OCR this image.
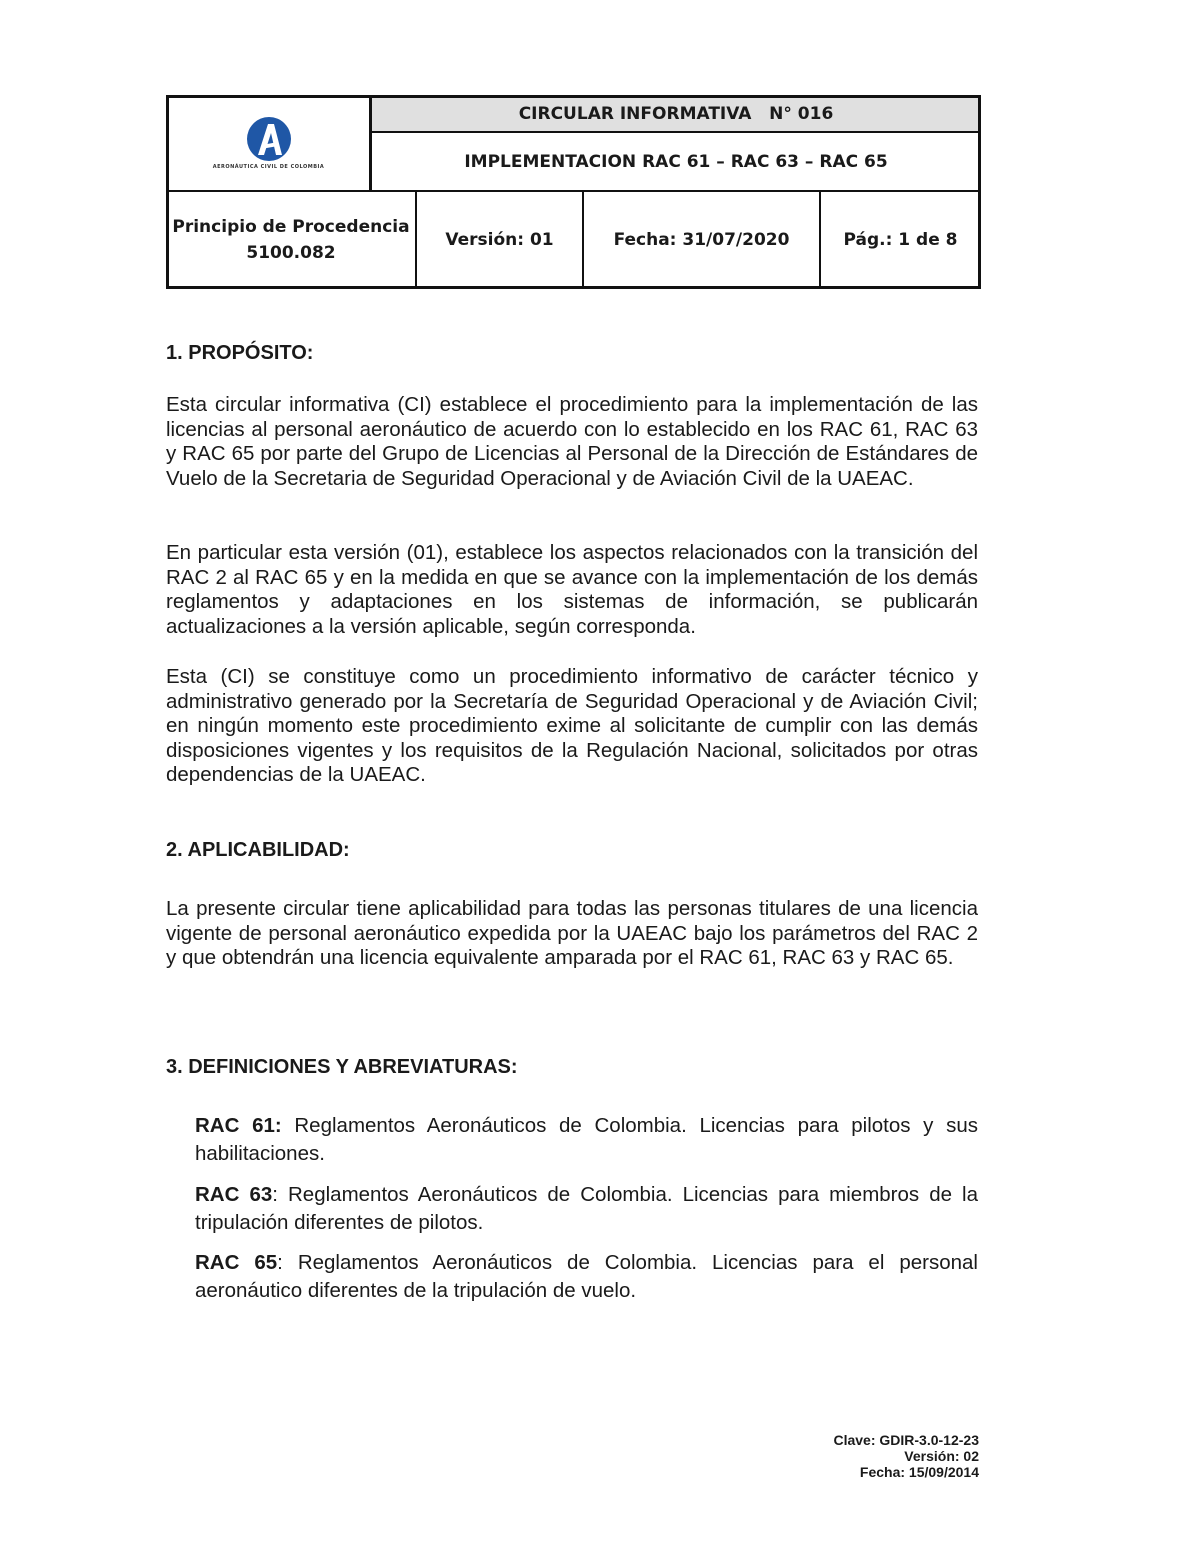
AERONÁUTICA CIVIL DE COLOMBIA
CIRCULAR INFORMATIVA   N° 016
IMPLEMENTACION RAC 61 – RAC 63 – RAC 65
Principio de Procedencia
5100.082
Versión: 01	Fecha: 31/07/2020	Pág.: 1 de 8
1. PROPÓSITO:
Esta circular informativa (CI) establece el procedimiento para la implementación de las licencias al personal aeronáutico de acuerdo con lo establecido en los RAC 61, RAC 63 y RAC 65 por parte del Grupo de Licencias al Personal de la Dirección de Estándares de Vuelo de la Secretaria de Seguridad Operacional y de Aviación Civil de la UAEAC.
En particular esta versión (01), establece los aspectos relacionados con la transición del RAC 2 al RAC 65 y en la medida en que se avance con la implementación de los demás reglamentos y adaptaciones en los sistemas de información, se publicarán actualizaciones a la versión aplicable, según corresponda.
Esta (CI) se constituye como un procedimiento informativo de carácter técnico y administrativo generado por la Secretaría de Seguridad Operacional y de Aviación Civil; en ningún momento este procedimiento exime al solicitante de cumplir con las demás disposiciones vigentes y los requisitos de la Regulación Nacional, solicitados por otras dependencias de la UAEAC.
2. APLICABILIDAD:
La presente circular tiene aplicabilidad para todas las personas titulares de una licencia vigente de personal aeronáutico expedida por la UAEAC bajo los parámetros del RAC 2 y que obtendrán una licencia equivalente amparada por el RAC 61, RAC 63 y RAC 65.
3. DEFINICIONES Y ABREVIATURAS:
RAC 61: Reglamentos Aeronáuticos de Colombia. Licencias para pilotos y sus habilitaciones.
RAC 63: Reglamentos Aeronáuticos de Colombia. Licencias para miembros de la tripulación diferentes de pilotos.
RAC 65: Reglamentos Aeronáuticos de Colombia. Licencias para el personal aeronáutico diferentes de la tripulación de vuelo.
Clave: GDIR-3.0-12-23
Versión: 02
Fecha: 15/09/2014
